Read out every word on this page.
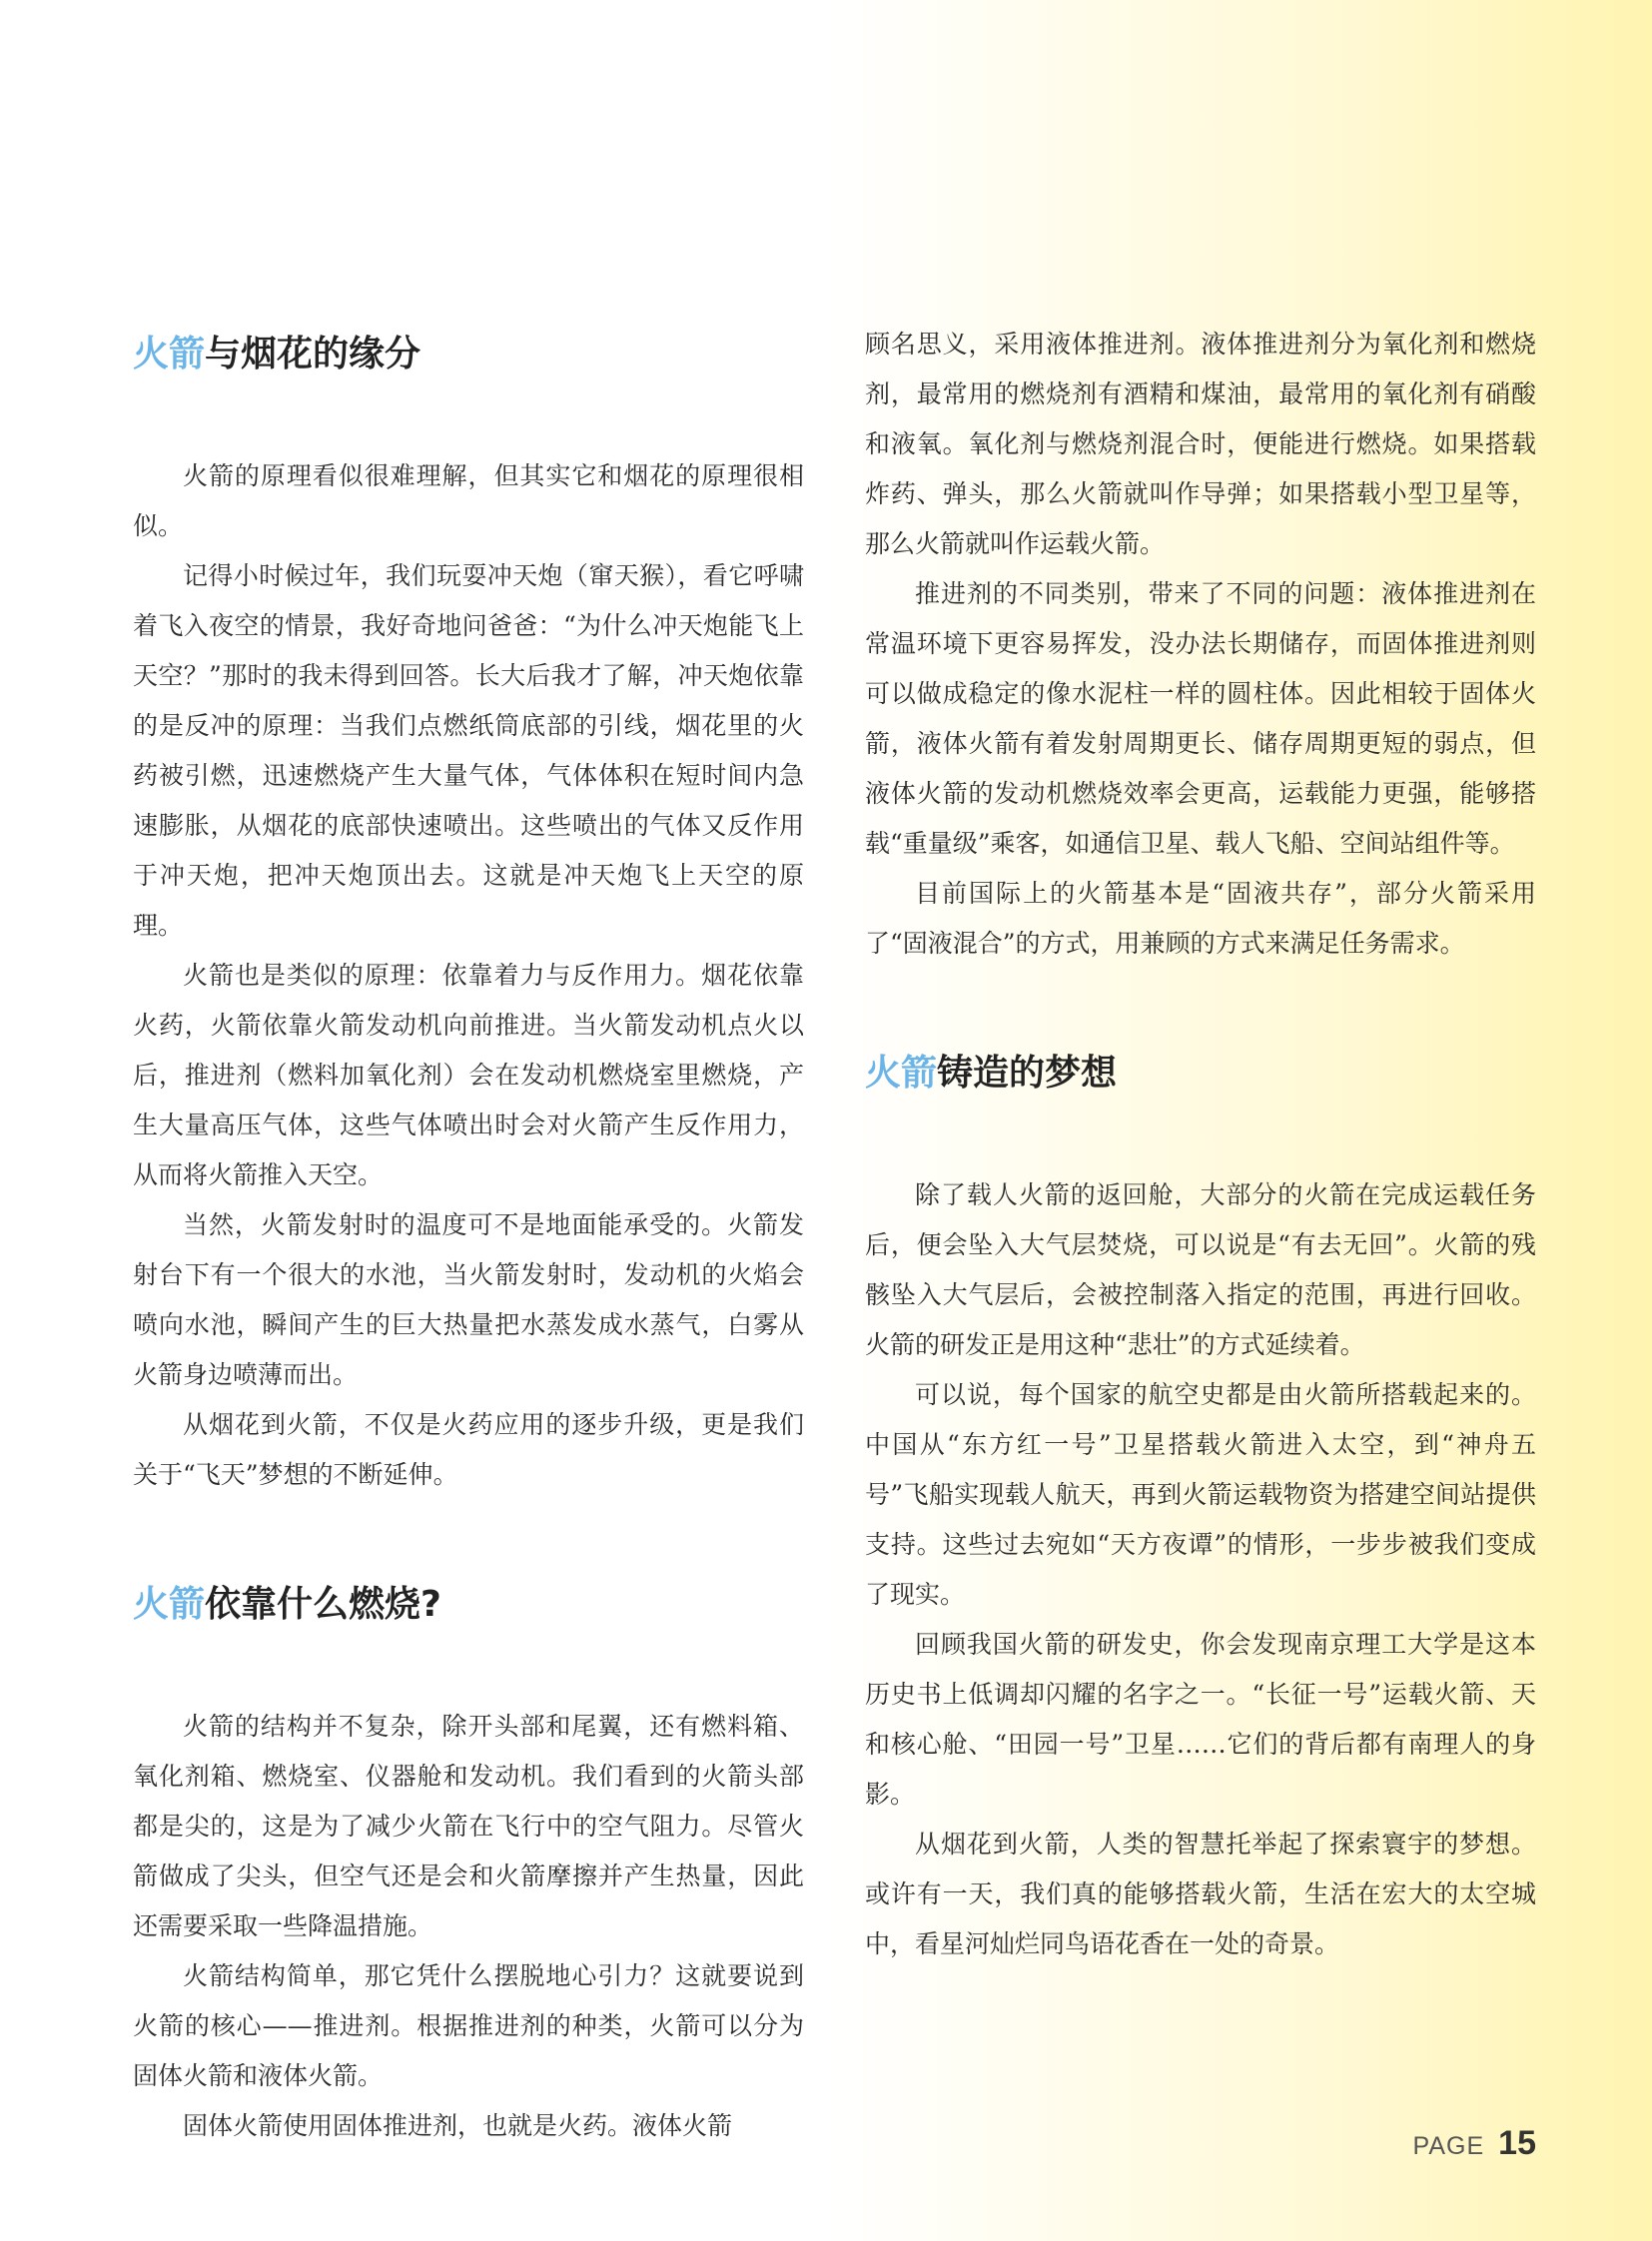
火箭与烟花的缘分

火箭的原理看似很难理解，但其实它和烟花的原理很相似。

记得小时候过年，我们玩耍冲天炮（窜天猴），看它呼啸着飞入夜空的情景，我好奇地问爸爸：“为什么冲天炮能飞上天空？”那时的我未得到回答。长大后我才了解，冲天炮依靠的是反冲的原理：当我们点燃纸筒底部的引线，烟花里的火药被引燃，迅速燃烧产生大量气体，气体体积在短时间内急速膨胀，从烟花的底部快速喷出。这些喷出的气体又反作用于冲天炮，把冲天炮顶出去。这就是冲天炮飞上天空的原理。

火箭也是类似的原理：依靠着力与反作用力。烟花依靠火药，火箭依靠火箭发动机向前推进。当火箭发动机点火以后，推进剂（燃料加氧化剂）会在发动机燃烧室里燃烧，产生大量高压气体，这些气体喷出时会对火箭产生反作用力，从而将火箭推入天空。

当然，火箭发射时的温度可不是地面能承受的。火箭发射台下有一个很大的水池，当火箭发射时，发动机的火焰会喷向水池，瞬间产生的巨大热量把水蒸发成水蒸气，白雾从火箭身边喷薄而出。

从烟花到火箭，不仅是火药应用的逐步升级，更是我们关于“飞天”梦想的不断延伸。

火箭依靠什么燃烧?

火箭的结构并不复杂，除开头部和尾翼，还有燃料箱、氧化剂箱、燃烧室、仪器舱和发动机。我们看到的火箭头部都是尖的，这是为了减少火箭在飞行中的空气阻力。尽管火箭做成了尖头，但空气还是会和火箭摩擦并产生热量，因此还需要采取一些降温措施。

火箭结构简单，那它凭什么摆脱地心引力？这就要说到火箭的核心——推进剂。根据推进剂的种类，火箭可以分为固体火箭和液体火箭。

固体火箭使用固体推进剂，也就是火药。液体火箭

顾名思义，采用液体推进剂。液体推进剂分为氧化剂和燃烧剂，最常用的燃烧剂有酒精和煤油，最常用的氧化剂有硝酸和液氧。氧化剂与燃烧剂混合时，便能进行燃烧。如果搭载炸药、弹头，那么火箭就叫作导弹；如果搭载小型卫星等，那么火箭就叫作运载火箭。

推进剂的不同类别，带来了不同的问题：液体推进剂在常温环境下更容易挥发，没办法长期储存，而固体推进剂则可以做成稳定的像水泥柱一样的圆柱体。因此相较于固体火箭，液体火箭有着发射周期更长、储存周期更短的弱点，但液体火箭的发动机燃烧效率会更高，运载能力更强，能够搭载“重量级”乘客，如通信卫星、载人飞船、空间站组件等。

目前国际上的火箭基本是“固液共存”，部分火箭采用了“固液混合”的方式，用兼顾的方式来满足任务需求。

火箭铸造的梦想

除了载人火箭的返回舱，大部分的火箭在完成运载任务后，便会坠入大气层焚烧，可以说是“有去无回”。火箭的残骸坠入大气层后，会被控制落入指定的范围，再进行回收。火箭的研发正是用这种“悲壮”的方式延续着。

可以说，每个国家的航空史都是由火箭所搭载起来的。中国从“东方红一号”卫星搭载火箭进入太空，到“神舟五号”飞船实现载人航天，再到火箭运载物资为搭建空间站提供支持。这些过去宛如“天方夜谭”的情形，一步步被我们变成了现实。

回顾我国火箭的研发史，你会发现南京理工大学是这本历史书上低调却闪耀的名字之一。“长征一号”运载火箭、天和核心舱、“田园一号”卫星……它们的背后都有南理人的身影。

从烟花到火箭，人类的智慧托举起了探索寰宇的梦想。或许有一天，我们真的能够搭载火箭，生活在宏大的太空城中，看星河灿烂同鸟语花香在一处的奇景。

PAGE 15
